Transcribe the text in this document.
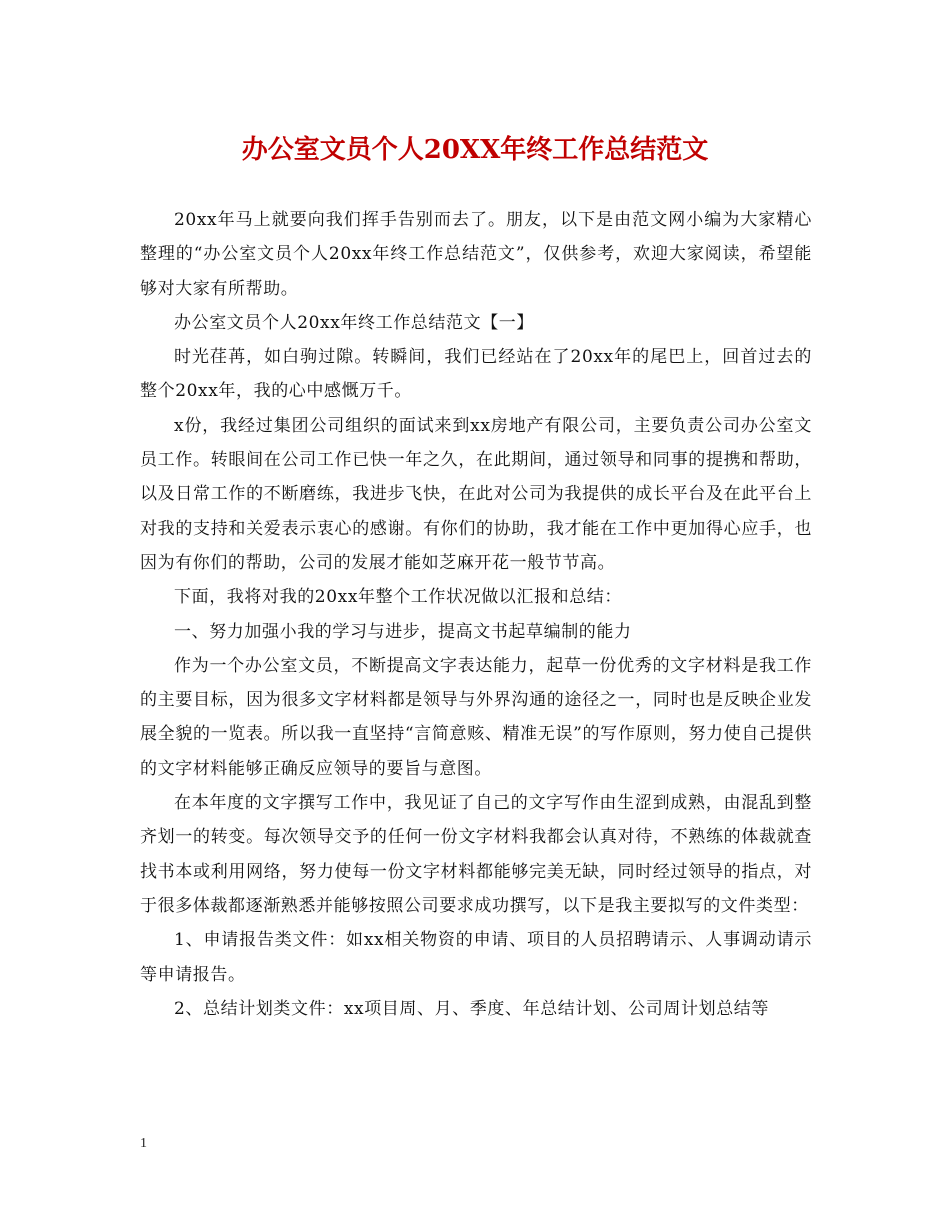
办公室文员个人20XX年终工作总结范文

20xx年马上就要向我们挥手告别而去了。朋友，以下是由范文网小编为大家精心整理的“办公室文员个人20xx年终工作总结范文”，仅供参考，欢迎大家阅读，希望能够对大家有所帮助。

办公室文员个人20xx年终工作总结范文【一】

时光荏苒，如白驹过隙。转瞬间，我们已经站在了20xx年的尾巴上，回首过去的整个20xx年，我的心中感慨万千。

x份，我经过集团公司组织的面试来到xx房地产有限公司，主要负责公司办公室文员工作。转眼间在公司工作已快一年之久，在此期间，通过领导和同事的提携和帮助，以及日常工作的不断磨练，我进步飞快，在此对公司为我提供的成长平台及在此平台上对我的支持和关爱表示衷心的感谢。有你们的协助，我才能在工作中更加得心应手，也因为有你们的帮助，公司的发展才能如芝麻开花一般节节高。

下面，我将对我的20xx年整个工作状况做以汇报和总结：

一、努力加强小我的学习与进步，提高文书起草编制的能力

作为一个办公室文员，不断提高文字表达能力，起草一份优秀的文字材料是我工作的主要目标，因为很多文字材料都是领导与外界沟通的途径之一，同时也是反映企业发展全貌的一览表。所以我一直坚持“言简意赅、精准无误”的写作原则，努力使自己提供的文字材料能够正确反应领导的要旨与意图。

在本年度的文字撰写工作中，我见证了自己的文字写作由生涩到成熟，由混乱到整齐划一的转变。每次领导交予的任何一份文字材料我都会认真对待，不熟练的体裁就查找书本或利用网络，努力使每一份文字材料都能够完美无缺，同时经过领导的指点，对于很多体裁都逐渐熟悉并能够按照公司要求成功撰写，以下是我主要拟写的文件类型：

1、申请报告类文件：如xx相关物资的申请、项目的人员招聘请示、人事调动请示等申请报告。

2、总结计划类文件：xx项目周、月、季度、年总结计划、公司周计划总结等

1
